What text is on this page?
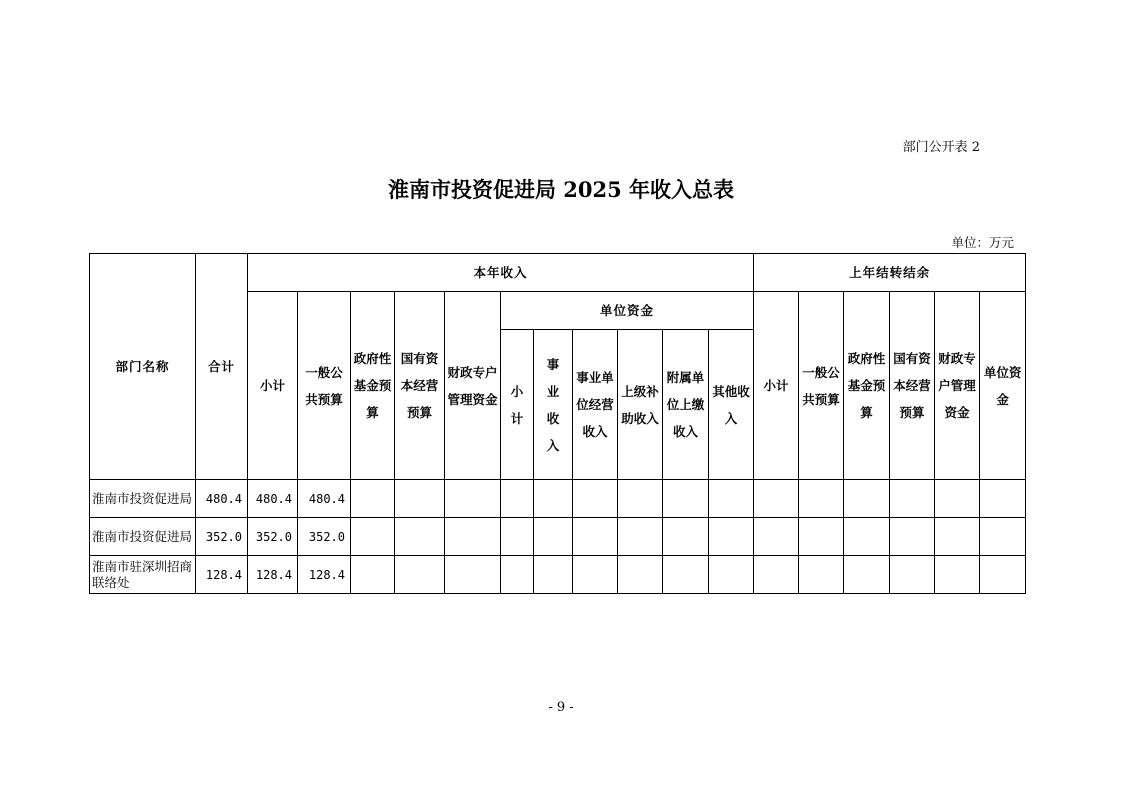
部门公开表 2
淮南市投资促进局 2025 年收入总表
单位：万元
部门名称	合计	本年收入											上年结转结余					
		小计	一般公共预算	政府性基金预算	国有资本经营预算	财政专户管理资金	单位资金						小计	一般公共预算	政府性基金预算	国有资本经营预算	财政专户管理资金	单位资金
							小计	事业收入	事业单位经营收入	上级补助收入	附属单位上缴收入	其他收入						
淮南市投资促进局	480.4	480.4	480.4															
淮南市投资促进局	352.0	352.0	352.0															
淮南市驻深圳招商联络处	128.4	128.4	128.4															
- 9 -
